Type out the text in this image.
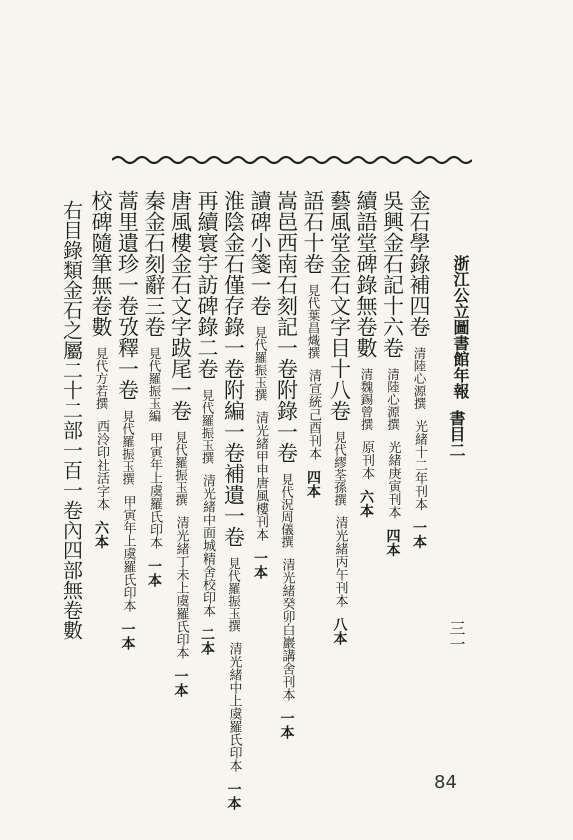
浙江公立圖書館年報
書目二
三一
84
金石學錄補四卷清陸心源撰光緒十二年刊本一本
吳興金石記十六卷清陸心源撰光緒庚寅刊本四本
續語堂碑錄無卷數清魏錫曾撰原刊本六本
藝風堂金石文字目十八卷見代繆荃孫撰清光緒丙午刊本八本
語石十卷見代葉昌熾撰清宣統己酉刊本四本
嵩邑西南石刻記一卷附錄一卷見代況周儀撰清光緒癸卯白巖講舍刊本一本
讀碑小箋一卷見代羅振玉撰清光緒甲申唐風樓刊本一本
淮陰金石僅存錄一卷附編一卷補遺一卷見代羅振玉撰清光緒中上虞羅氏印本一本
再續寰宇訪碑錄二卷見代羅振玉撰清光緒中面城精舍校印本二本
唐風樓金石文字跋尾一卷見代羅振玉撰清光緒丁未上虞羅氏印本一本
秦金石刻辭三卷見代羅振玉編甲寅年上虞羅氏印本一本
蒿里遺珍一卷攷釋一卷見代羅振玉撰甲寅年上虞羅氏印本一本
校碑隨筆無卷數見代方若撰西泠印社活字本六本
右目錄類金石之屬二十二部一百一卷內四部無卷數
